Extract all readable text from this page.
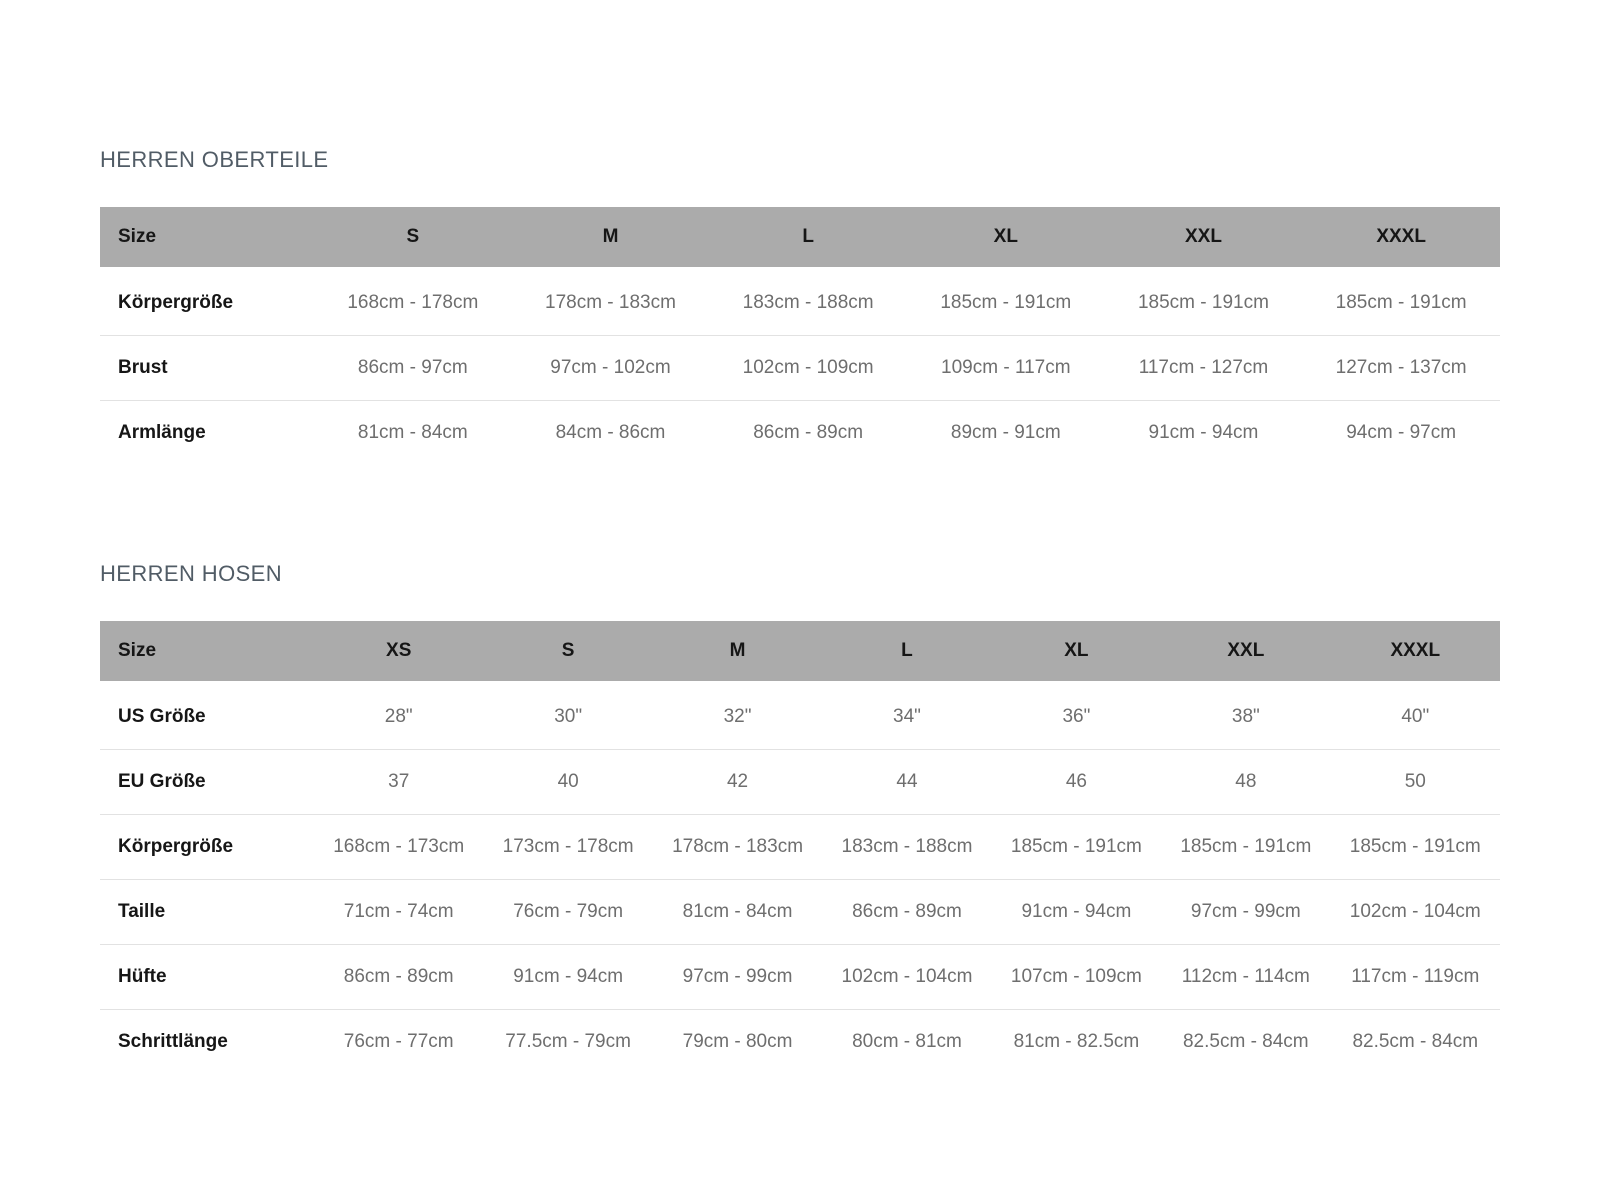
HERREN OBERTEILE
Size	S	M	L	XL	XXL	XXXL
Körpergröße	168cm - 178cm	178cm - 183cm	183cm - 188cm	185cm - 191cm	185cm - 191cm	185cm - 191cm
Brust	86cm - 97cm	97cm - 102cm	102cm - 109cm	109cm - 117cm	117cm - 127cm	127cm - 137cm
Armlänge	81cm - 84cm	84cm - 86cm	86cm - 89cm	89cm - 91cm	91cm - 94cm	94cm - 97cm
HERREN HOSEN
Size	XS	S	M	L	XL	XXL	XXXL
US Größe	28"	30"	32"	34"	36"	38"	40"
EU Größe	37	40	42	44	46	48	50
Körpergröße	168cm - 173cm	173cm - 178cm	178cm - 183cm	183cm - 188cm	185cm - 191cm	185cm - 191cm	185cm - 191cm
Taille	71cm - 74cm	76cm - 79cm	81cm - 84cm	86cm - 89cm	91cm - 94cm	97cm - 99cm	102cm - 104cm
Hüfte	86cm - 89cm	91cm - 94cm	97cm - 99cm	102cm - 104cm	107cm - 109cm	112cm - 114cm	117cm - 119cm
Schrittlänge	76cm - 77cm	77.5cm - 79cm	79cm - 80cm	80cm - 81cm	81cm - 82.5cm	82.5cm - 84cm	82.5cm - 84cm
